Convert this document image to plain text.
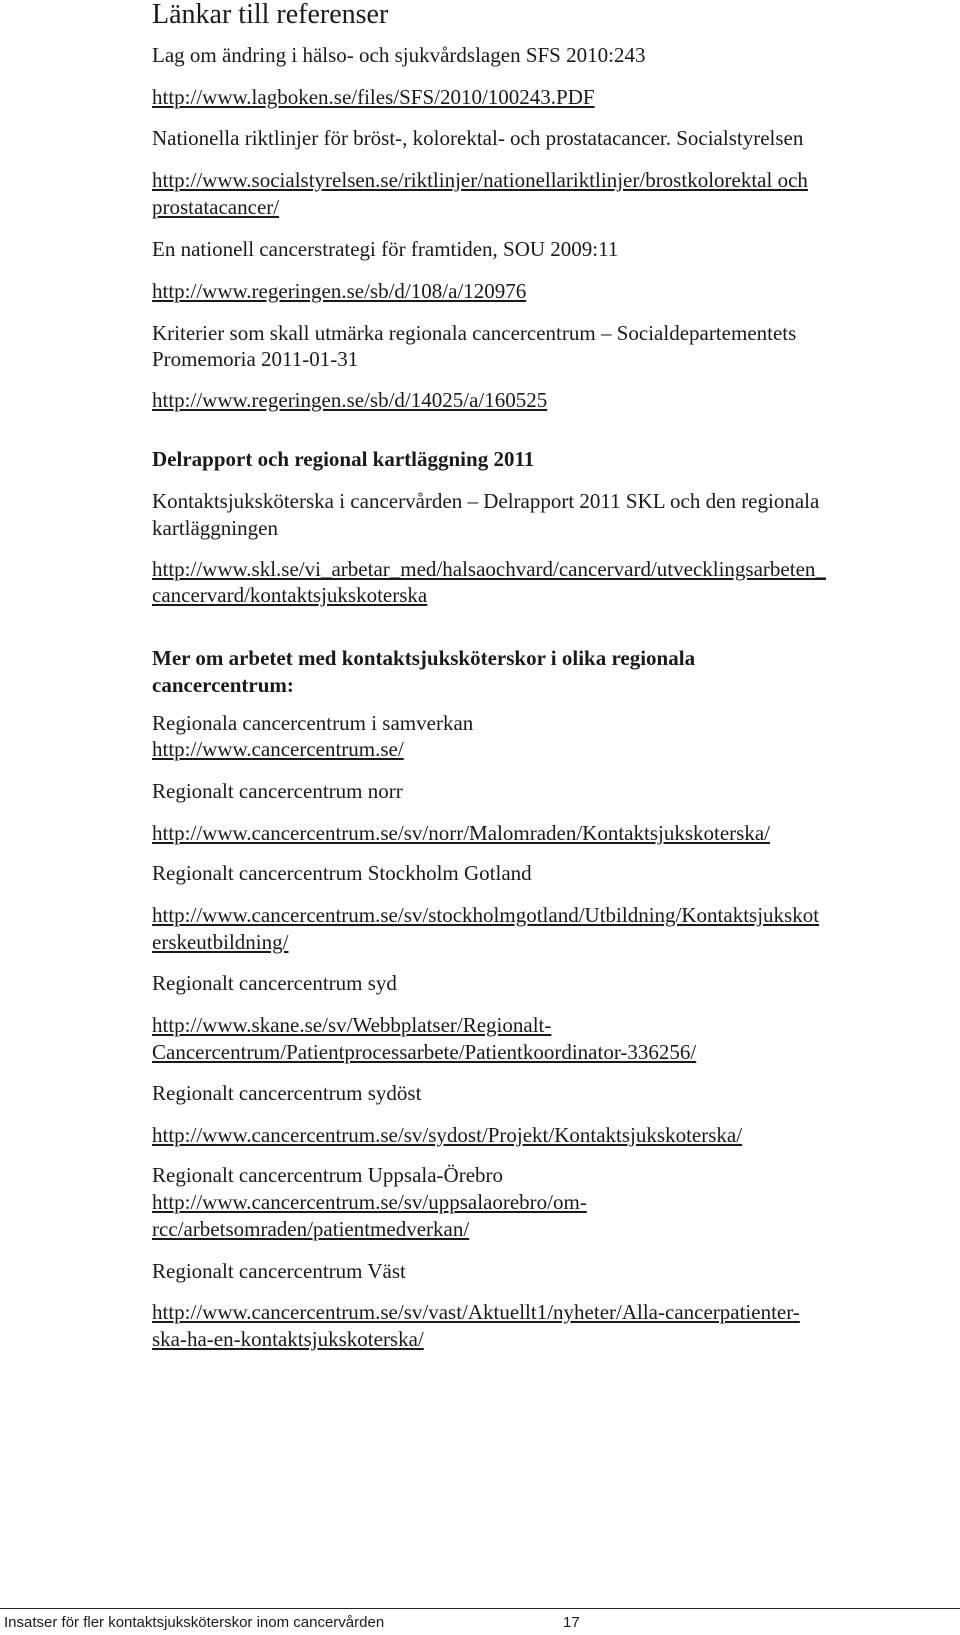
Länkar till referenser
Lag om ändring i hälso- och sjukvårdslagen SFS 2010:243
http://www.lagboken.se/files/SFS/2010/100243.PDF
Nationella riktlinjer för bröst-, kolorektal- och prostatacancer. Socialstyrelsen
http://www.socialstyrelsen.se/riktlinjer/nationellariktlinjer/brostkolorektal och
prostatacancer/
En nationell cancerstrategi för framtiden, SOU 2009:11
http://www.regeringen.se/sb/d/108/a/120976
Kriterier som skall utmärka regionala cancercentrum – Socialdepartementets
Promemoria 2011-01-31
http://www.regeringen.se/sb/d/14025/a/160525
Delrapport och regional kartläggning 2011
Kontaktsjuksköterska i cancervården – Delrapport 2011 SKL och den regionala
kartläggningen
http://www.skl.se/vi_arbetar_med/halsaochvard/cancervard/utvecklingsarbeten_
cancervard/kontaktsjukskoterska
Mer om arbetet med kontaktsjuksköterskor i olika regionala
cancercentrum:
Regionala cancercentrum i samverkan
http://www.cancercentrum.se/
Regionalt cancercentrum norr
http://www.cancercentrum.se/sv/norr/Malomraden/Kontaktsjukskoterska/
Regionalt cancercentrum Stockholm Gotland
http://www.cancercentrum.se/sv/stockholmgotland/Utbildning/Kontaktsjukskot
erskeutbildning/
Regionalt cancercentrum syd
http://www.skane.se/sv/Webbplatser/Regionalt-
Cancercentrum/Patientprocessarbete/Patientkoordinator-336256/
Regionalt cancercentrum sydöst
http://www.cancercentrum.se/sv/sydost/Projekt/Kontaktsjukskoterska/
Regionalt cancercentrum Uppsala-Örebro
http://www.cancercentrum.se/sv/uppsalaorebro/om-
rcc/arbetsomraden/patientmedverkan/
Regionalt cancercentrum Väst
http://www.cancercentrum.se/sv/vast/Aktuellt1/nyheter/Alla-cancerpatienter-
ska-ha-en-kontaktsjukskoterska/
Insatser för fler kontaktsjuksköterskor inom cancervården	17
